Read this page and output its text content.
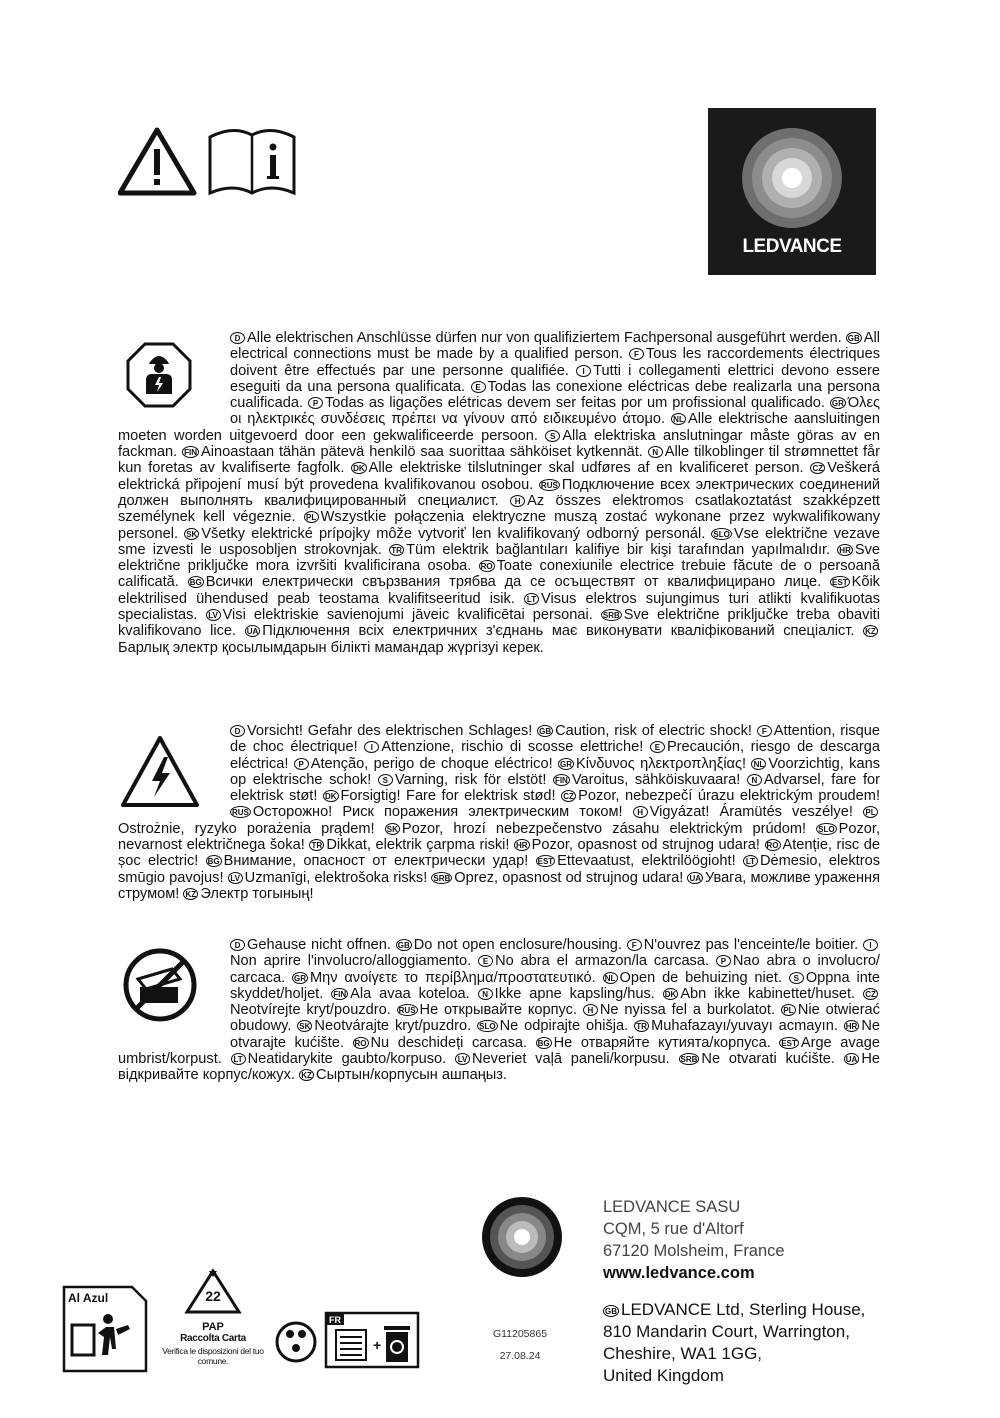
LEDVANCE
D Alle elektrischen Anschlüsse dürfen nur von qualifiziertem Fachpersonal ausgeführt werden. GB All electrical connections must be made by a qualified person. F Tous les raccordements électriques doivent être effectués par une personne qualifiée. I Tutti i collegamenti elettrici devono essere eseguiti da una persona qualificata. E Todas las conexione eléctricas debe realizarla una persona cualificada. P Todas as ligações elétricas devem ser feitas por um profissional qualificado. GR Όλες οι ηλεκτρικές συνδέσεις πρέπει να γίνουν από ειδικευμένο άτομο. NL Alle elektrische aansluitingen moeten worden uitgevoerd door een gekwalificeerde persoon. S Alla elektriska anslutningar måste göras av en fackman. FIN Ainoastaan tähän pätevä henkilö saa suorittaa sähköiset kytkennät. N Alle tilkoblinger til strømnettet får kun foretas av kvalifiserte fagfolk. DK Alle elektriske tilslutninger skal udføres af en kvalificeret person. CZ Veškerá elektrická připojení musí být provedena kvalifikovanou osobou. RUS Подключение всех электрических соединений должен выполнять квалифицированный специалист. H Az összes elektromos csatlakoztatást szakképzett személynek kell végeznie. PL Wszystkie połączenia elektryczne muszą zostać wykonane przez wykwalifikowany personel. SK Všetky elektrické prípojky môže vytvoriť len kvalifikovaný odborný personál. SLO Vse električne vezave sme izvesti le usposobljen strokovnjak. TR Tüm elektrik bağlantıları kalifiye bir kişi tarafından yapılmalıdır. HR Sve električne priključke mora izvršiti kvalificirana osoba. RO Toate conexiunile electrice trebuie făcute de o persoană calificată. BG Всички електрически свързвания трябва да се осъществят от квалифицирано лице. EST Kõik elektrilised ühendused peab teostama kvalifitseeritud isik. LT Visus elektros sujungimus turi atlikti kvalifikuotas specialistas. LV Visi elektriskie savienojumi jāveic kvalificētai personai. SRB Sve električne priključke treba obaviti kvalifikovano lice. UA Підключення всіх електричних з'єднань має виконувати кваліфікований спеціаліст. KZБарлық электр қосылымдарын білікті мамандар жүргізуі керек.
D Vorsicht! Gefahr des elektrischen Schlages! GB Caution, risk of electric shock! F Attention, risque de choc électrique! I Attenzione, rischio di scosse elettriche! E Precaución, riesgo de descarga eléctrica! P Atenção, perigo de choque eléctrico! GR Κίνδυνος ηλεκτροπληξίας! NL Voorzichtig, kans op elektrische schok! S Varning, risk för elstöt! FIN Varoitus, sähköiskuvaara! N Advarsel, fare for elektrisk støt! DK Forsigtig! Fare for elektrisk stød! CZ Pozor, nebezpečí úrazu elektrickým proudem! RUS Осторожно! Риск поражения электрическим током! H Vigyázat! Áramütés veszélye! PLOstrożnie, ryzyko porażenia prądem! SK Pozor, hrozí nebezpečenstvo zásahu elektrickým prúdom! SLO Pozor, nevarnost električnega šoka! TR Dikkat, elektrik çarpma riski! HR Pozor, opasnost od strujnog udara! RO Atenție, risc de șoc electric! BG Внимание, опасност от електрически удар! EST Ettevaatust, elektrilöögioht! LT Dėmesio, elektros smūgio pavojus! LV Uzmanīgi, elektrošoka risks! SRB Oprez, opasnost od strujnog udara! UA Увага, можливе ураження струмом! KZ Электр тогының!
D Gehause nicht offnen. GB Do not open enclosure/housing. F N'ouvrez pas l'enceinte/le boitier. INon aprire l'involucro/alloggiamento. E No abra el armazon/la carcasa. P Nao abra o involucro/ carcaca. GR Μην ανοίγετε το περίβλημα/προστατευτικό. NL Open de behuizing niet. S Oppna inte skyddet/holjet. FIN Ala avaa koteloa. N Ikke apne kapsling/hus. DK Abn ikke kabinettet/huset. CZNeotvírejte kryt/pouzdro. RUS Не открывайте корпус. H Ne nyissa fel a burkolatot. PL Nie otwierać obudowy. SK Neotvárajte kryt/puzdro. SLO Ne odpirajte ohišja. TR Muhafazayı/yuvayı acmayın. HR Ne otvarajte kućište. RO Nu deschideți carcasa. BG Не отваряйте кутията/корпуса. EST Arge avage umbrist/korpust. LT Neatidarykite gaubto/korpuso. LV Neveriet vaļā paneli/korpusu. SRB Ne otvarati kućište. UA Не відкривайте корпус/кожух. KZ Сыртын/корпусын ашпаңыз.
LEDVANCE SASU
CQM, 5 rue d'Altorf
67120 Molsheim, France
www.ledvance.com
GB LEDVANCE Ltd, Sterling House,
810 Mandarin Court, Warrington,
Cheshire, WA1 1GG,
United Kingdom
G11205865
27.08.24
Al Azul	22
PAP
Raccolta Carta
Verifica le disposizioni del tuo comune.
FR
+
